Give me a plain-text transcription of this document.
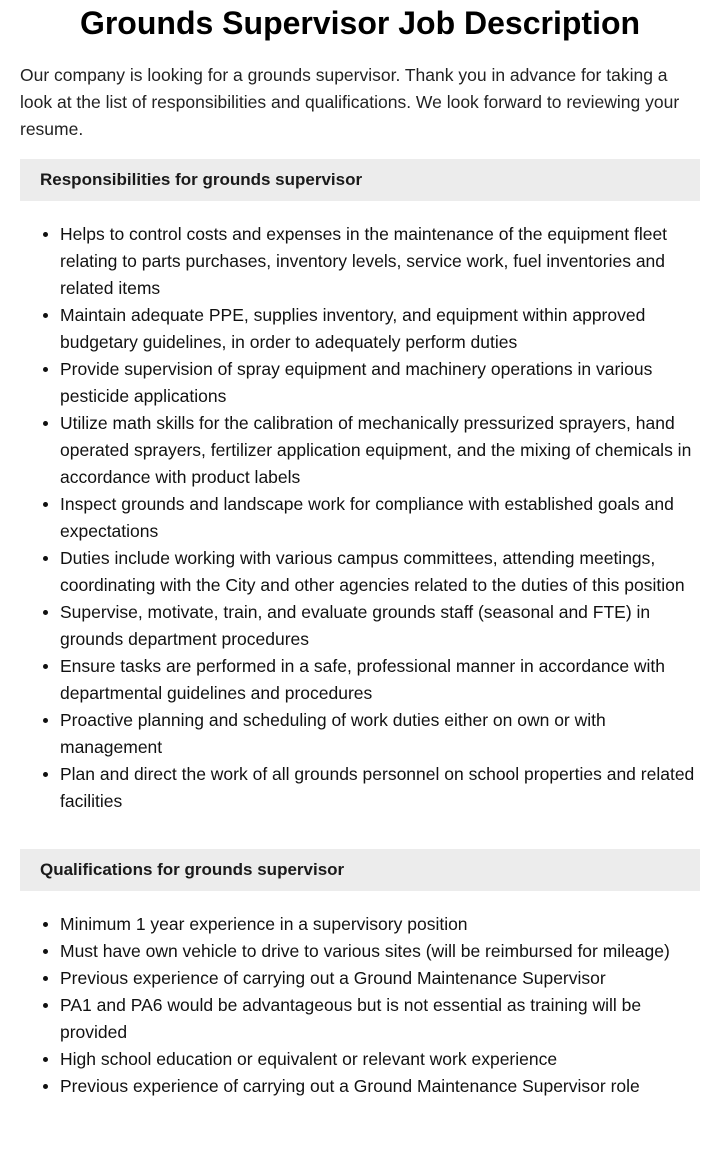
Grounds Supervisor Job Description

Our company is looking for a grounds supervisor. Thank you in advance for taking a look at the list of responsibilities and qualifications. We look forward to reviewing your resume.

Responsibilities for grounds supervisor
Helps to control costs and expenses in the maintenance of the equipment fleet relating to parts purchases, inventory levels, service work, fuel inventories and related items
Maintain adequate PPE, supplies inventory, and equipment within approved budgetary guidelines, in order to adequately perform duties
Provide supervision of spray equipment and machinery operations in various pesticide applications
Utilize math skills for the calibration of mechanically pressurized sprayers, hand operated sprayers, fertilizer application equipment, and the mixing of chemicals in accordance with product labels
Inspect grounds and landscape work for compliance with established goals and expectations
Duties include working with various campus committees, attending meetings, coordinating with the City and other agencies related to the duties of this position
Supervise, motivate, train, and evaluate grounds staff (seasonal and FTE) in grounds department procedures
Ensure tasks are performed in a safe, professional manner in accordance with departmental guidelines and procedures
Proactive planning and scheduling of work duties either on own or with management
Plan and direct the work of all grounds personnel on school properties and related facilities
Qualifications for grounds supervisor
Minimum 1 year experience in a supervisory position
Must have own vehicle to drive to various sites (will be reimbursed for mileage)
Previous experience of carrying out a Ground Maintenance Supervisor
PA1 and PA6 would be advantageous but is not essential as training will be provided
High school education or equivalent or relevant work experience
Previous experience of carrying out a Ground Maintenance Supervisor role
